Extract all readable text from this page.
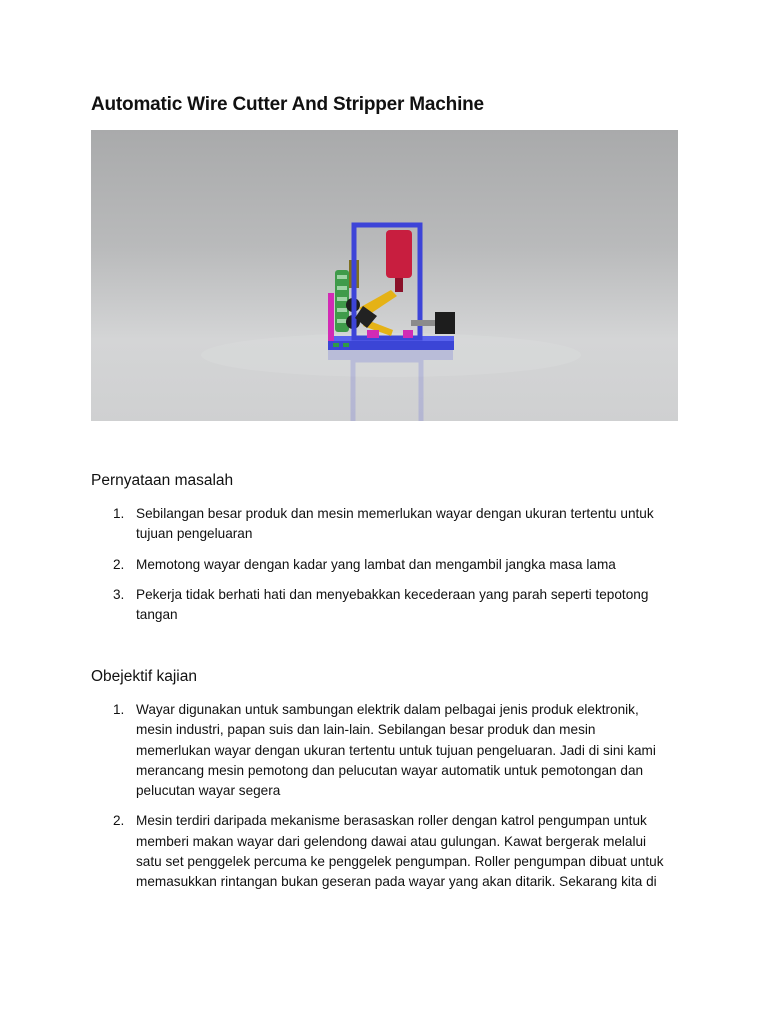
Automatic Wire Cutter And Stripper Machine
Pernyataan masalah
1. Sebilangan besar produk dan mesin memerlukan wayar dengan ukuran tertentu untuk
tujuan pengeluaran
2. Memotong wayar dengan kadar yang lambat dan mengambil jangka masa lama
3. Pekerja tidak berhati hati dan menyebakkan kecederaan yang parah seperti tepotong
tangan
Obejektif kajian
1. Wayar digunakan untuk sambungan elektrik dalam pelbagai jenis produk elektronik,
mesin industri, papan suis dan lain-lain. Sebilangan besar produk dan mesin
memerlukan wayar dengan ukuran tertentu untuk tujuan pengeluaran. Jadi di sini kami
merancang mesin pemotong dan pelucutan wayar automatik untuk pemotongan dan
pelucutan wayar segera
2. Mesin terdiri daripada mekanisme berasaskan roller dengan katrol pengumpan untuk
memberi makan wayar dari gelendong dawai atau gulungan. Kawat bergerak melalui
satu set penggelek percuma ke penggelek pengumpan. Roller pengumpan dibuat untuk
memasukkan rintangan bukan geseran pada wayar yang akan ditarik. Sekarang kita di
